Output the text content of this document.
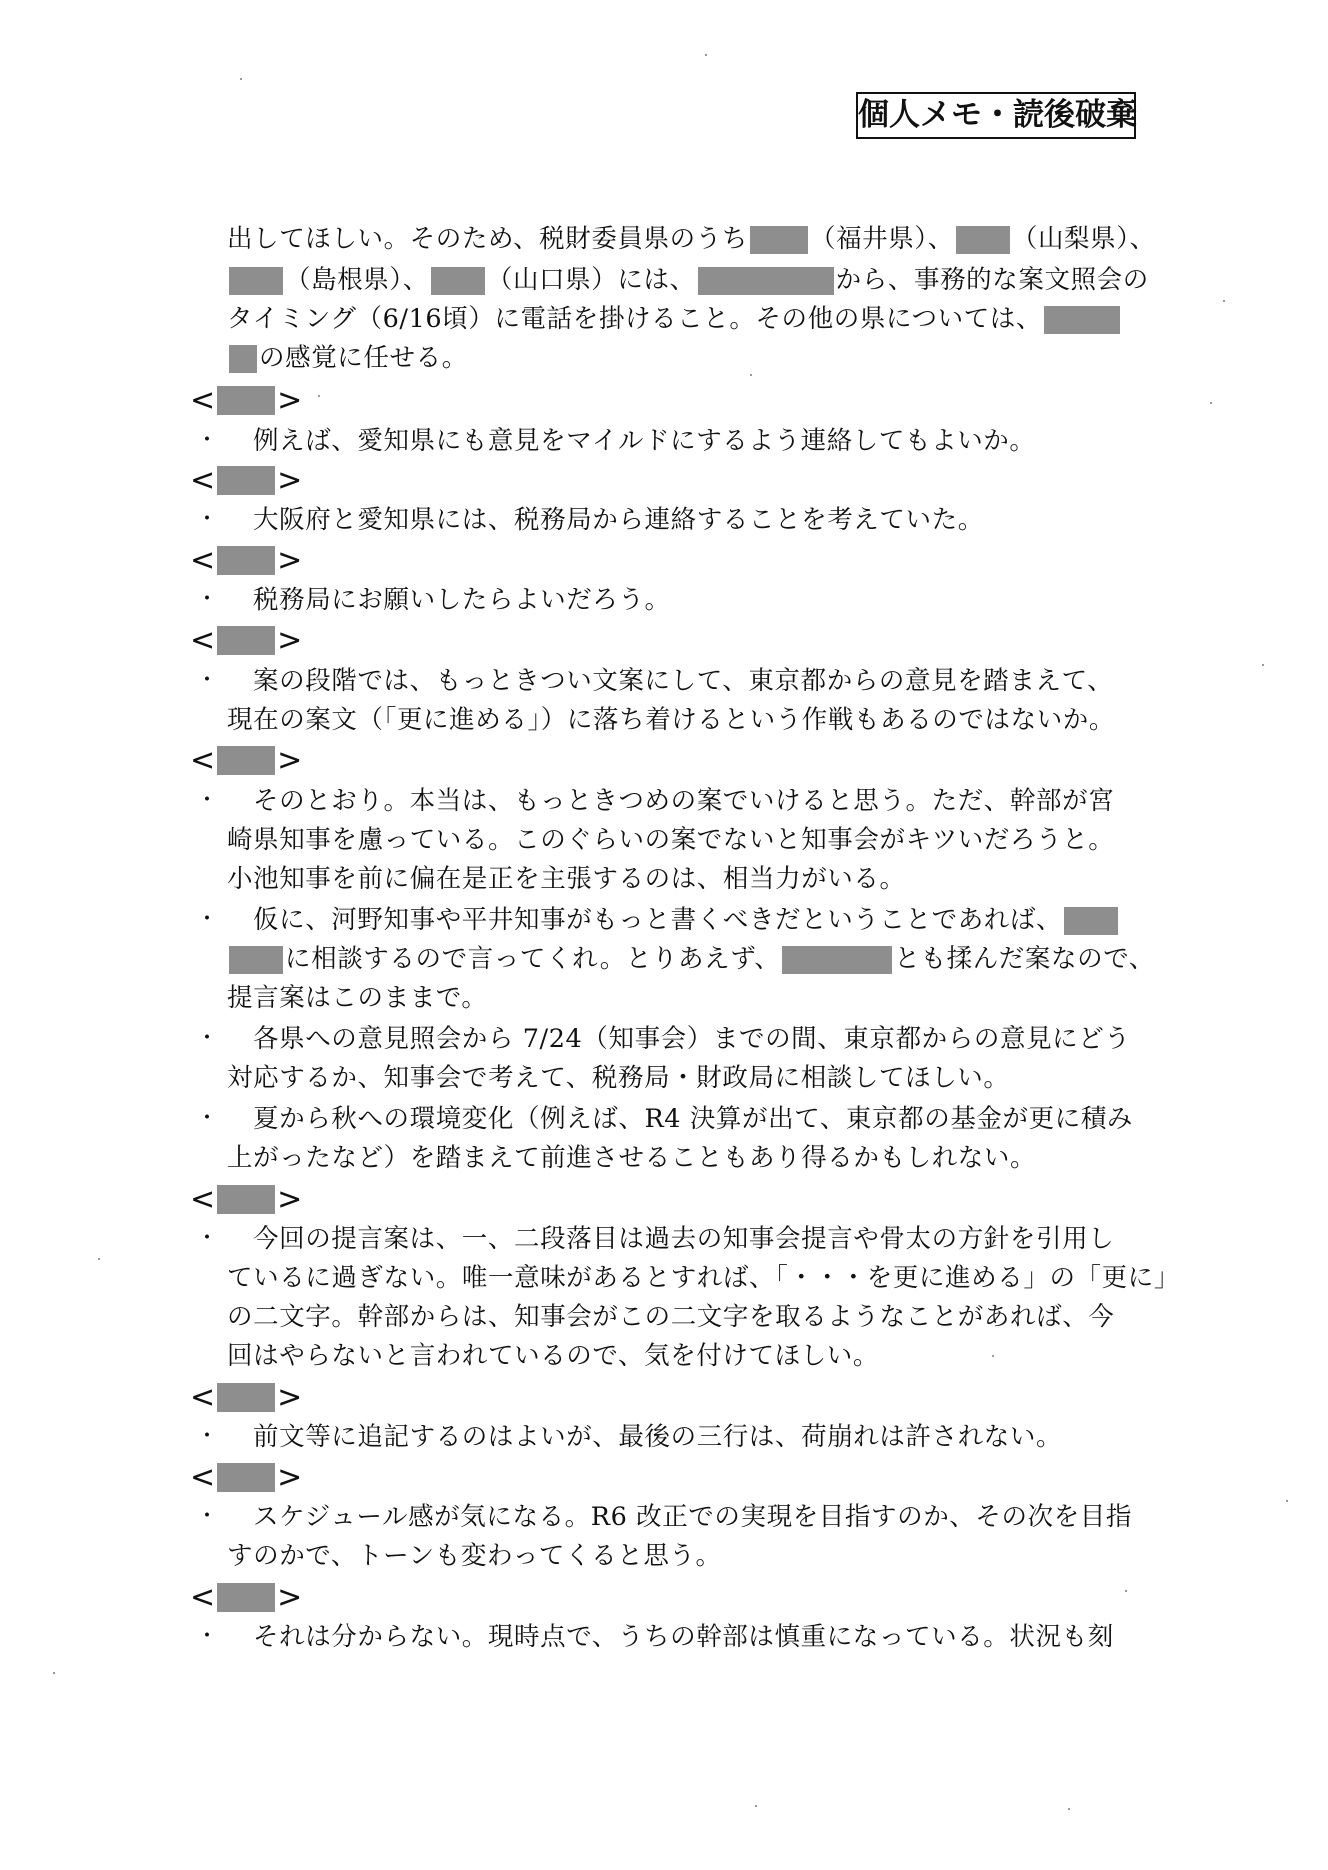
個人メモ・読後破棄
出してほしい。そのため、税財委員県のうち （福井県）、 （山梨県）、
（島根県）、 （山口県）には、	から、事務的な案文照会の
タイミング（6/16頃）に電話を掛けること。その他の県については、
の感覚に任せる。
< >
・ 例えば、愛知県にも意見をマイルドにするよう連絡してもよいか。
< >
・ 大阪府と愛知県には、税務局から連絡することを考えていた。
< >
・ 税務局にお願いしたらよいだろう。
< >
・ 案の段階では、もっときつい文案にして、東京都からの意見を踏まえて、
現在の案文（「更に進める」）に落ち着けるという作戦もあるのではないか。
< >
・ そのとおり。本当は、もっときつめの案でいけると思う。ただ、幹部が宮
崎県知事を慮っている。このぐらいの案でないと知事会がキツいだろうと。
小池知事を前に偏在是正を主張するのは、相当力がいる。
・ 仮に、河野知事や平井知事がもっと書くべきだということであれば、
に相談するので言ってくれ。とりあえず、	とも揉んだ案なので、
提言案はこのままで。
・ 各県への意見照会から 7/24（知事会）までの間、東京都からの意見にどう
対応するか、知事会で考えて、税務局・財政局に相談してほしい。
・ 夏から秋への環境変化（例えば、R4 決算が出て、東京都の基金が更に積み
上がったなど）を踏まえて前進させることもあり得るかもしれない。
< >
・ 今回の提言案は、一、二段落目は過去の知事会提言や骨太の方針を引用し
ているに過ぎない。唯一意味があるとすれば、「・・・を更に進める」の「更に」
の二文字。幹部からは、知事会がこの二文字を取るようなことがあれば、今
回はやらないと言われているので、気を付けてほしい。
< >
・ 前文等に追記するのはよいが、最後の三行は、荷崩れは許されない。
< >
・ スケジュール感が気になる。R6 改正での実現を目指すのか、その次を目指
すのかで、トーンも変わってくると思う。
< >
・ それは分からない。現時点で、うちの幹部は慎重になっている。状況も刻
